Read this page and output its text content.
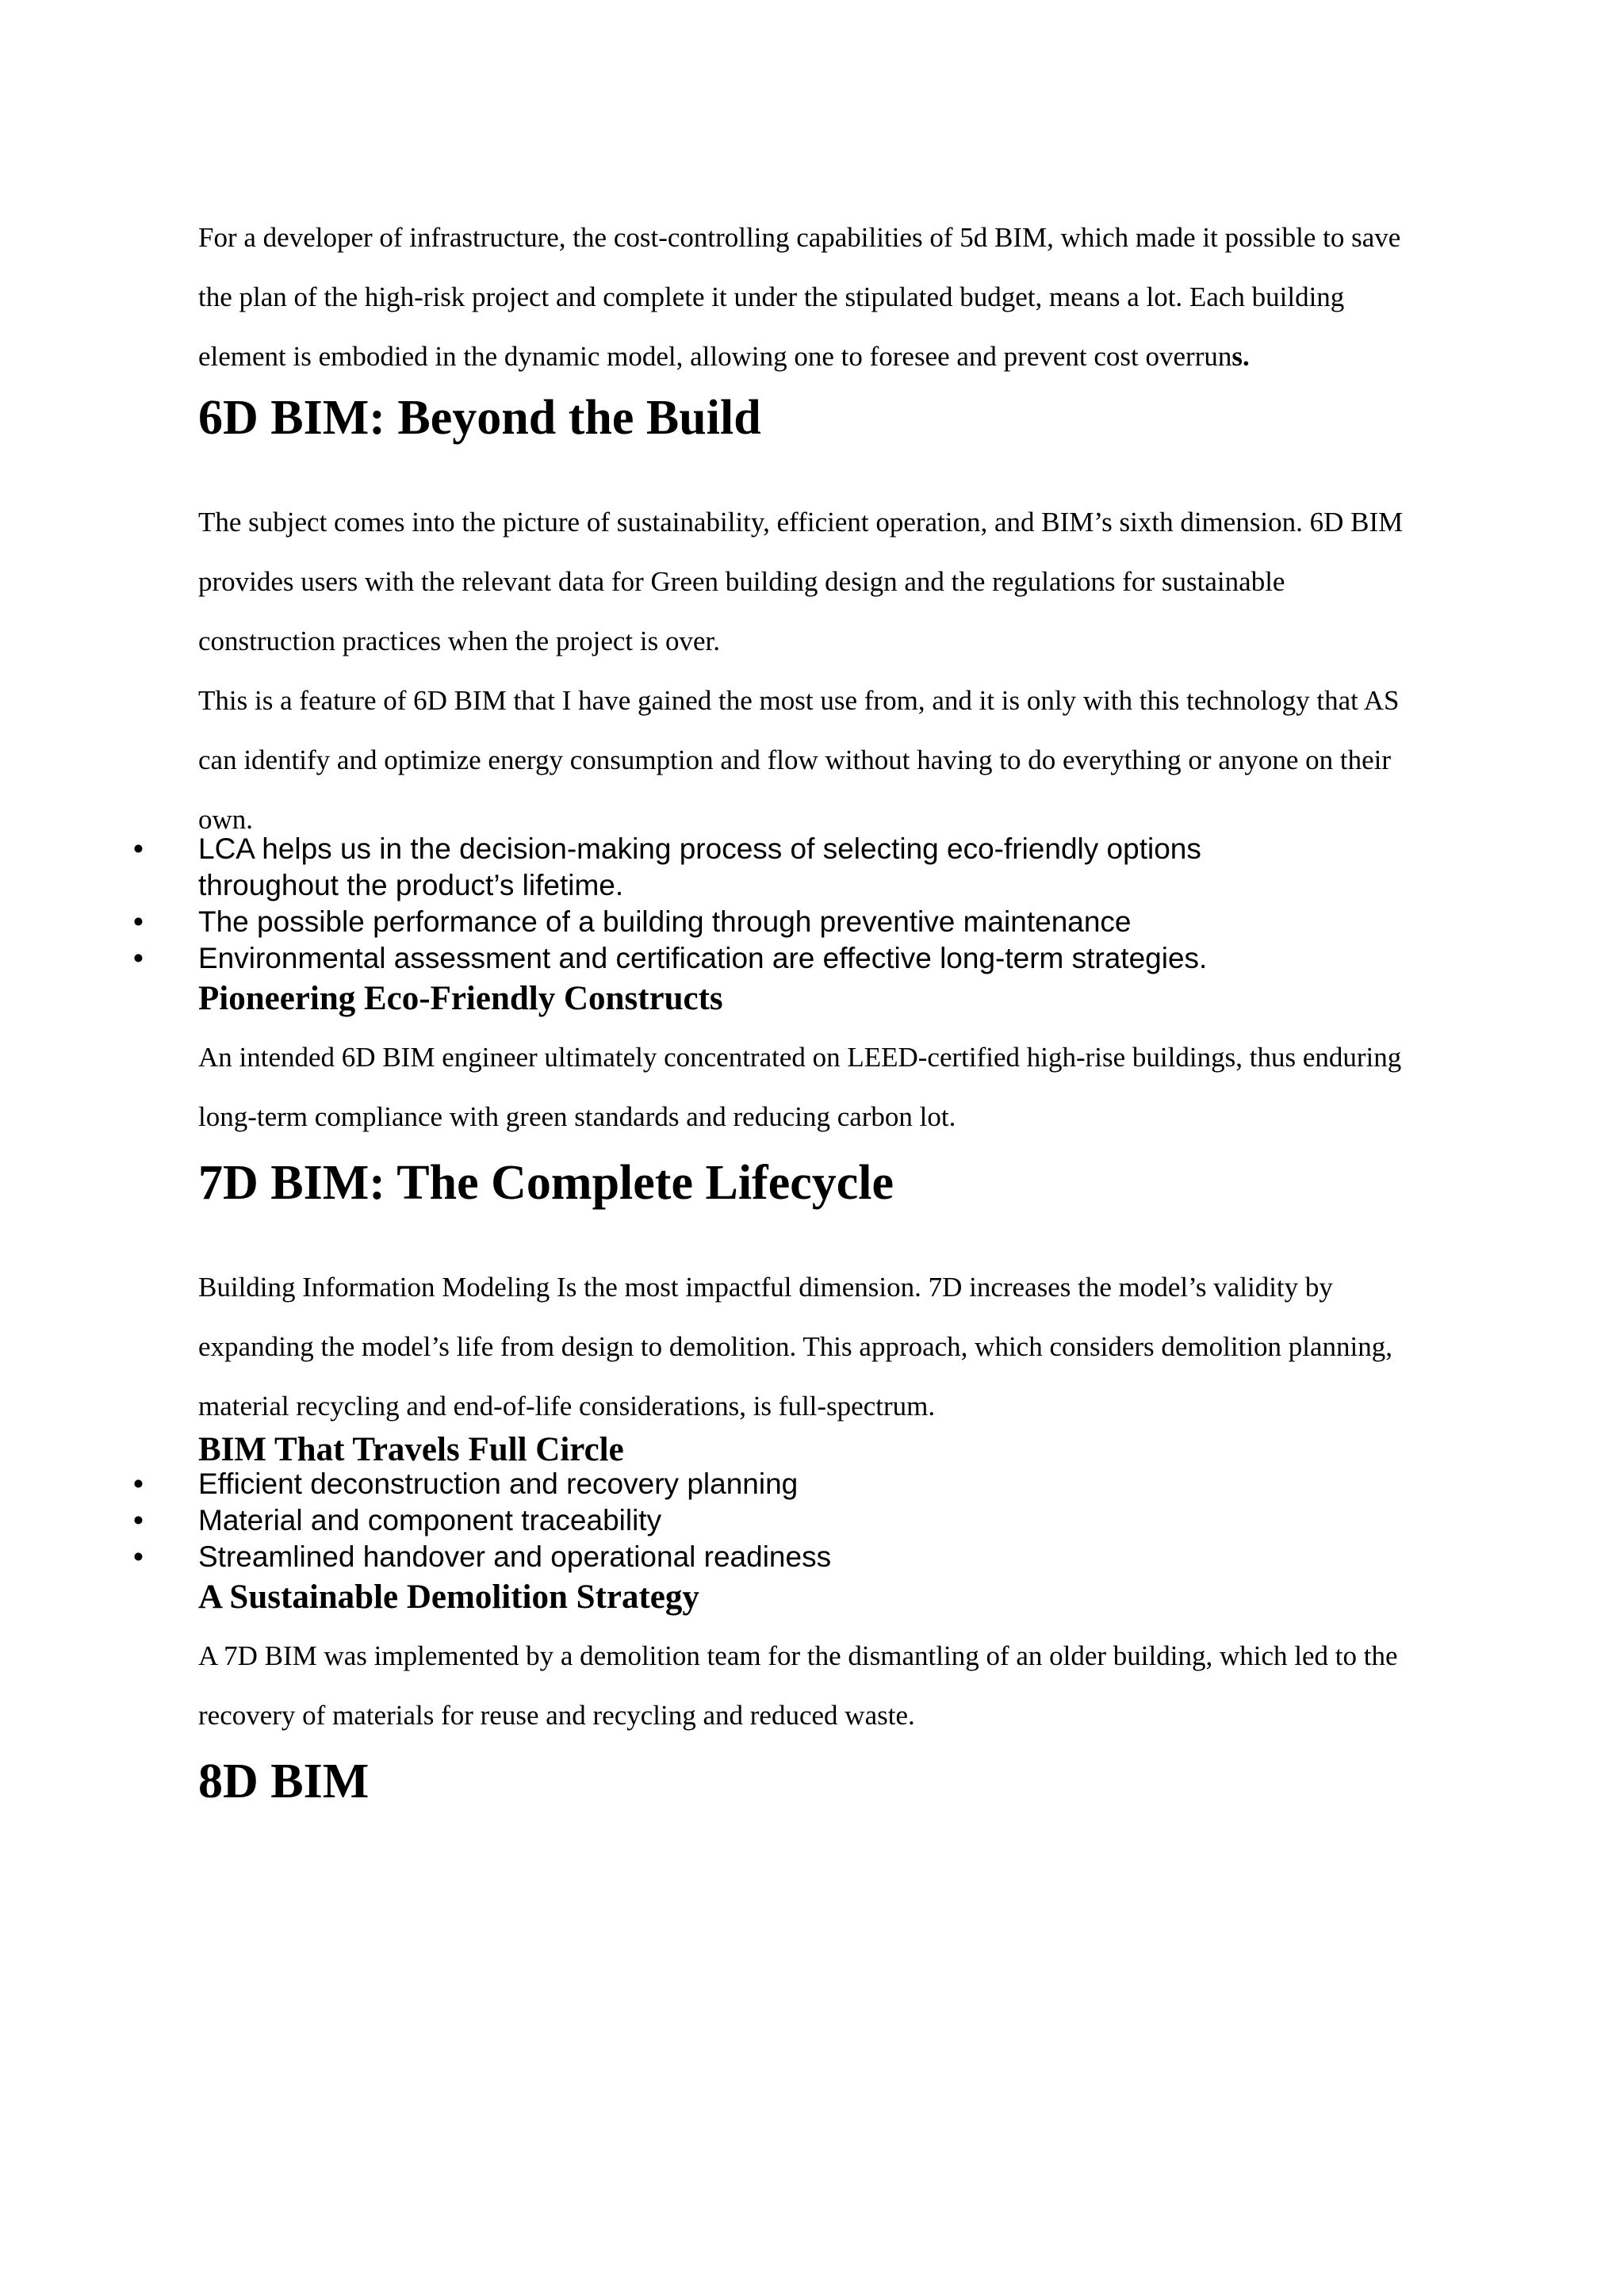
For a developer of infrastructure, the cost-controlling capabilities of 5d BIM, which made it possible to save the plan of the high-risk project and complete it under the stipulated budget, means a lot. Each building element is embodied in the dynamic model, allowing one to foresee and prevent cost overruns.

6D BIM: Beyond the Build

The subject comes into the picture of sustainability, efficient operation, and BIM’s sixth dimension. 6D BIM provides users with the relevant data for Green building design and the regulations for sustainable construction practices when the project is over.

This is a feature of 6D BIM that I have gained the most use from, and it is only with this technology that AS can identify and optimize energy consumption and flow without having to do everything or anyone on their own.

• LCA helps us in the decision-making process of selecting eco-friendly options throughout the product’s lifetime.
• The possible performance of a building through preventive maintenance
• Environmental assessment and certification are effective long-term strategies.
Pioneering Eco-Friendly Constructs

An intended 6D BIM engineer ultimately concentrated on LEED-certified high-rise buildings, thus enduring long-term compliance with green standards and reducing carbon lot.

7D BIM: The Complete Lifecycle

Building Information Modeling Is the most impactful dimension. 7D increases the model’s validity by expanding the model’s life from design to demolition. This approach, which considers demolition planning, material recycling and end-of-life considerations, is full-spectrum.

BIM That Travels Full Circle
• Efficient deconstruction and recovery planning
• Material and component traceability
• Streamlined handover and operational readiness
A Sustainable Demolition Strategy

A 7D BIM was implemented by a demolition team for the dismantling of an older building, which led to the recovery of materials for reuse and recycling and reduced waste.

8D BIM
